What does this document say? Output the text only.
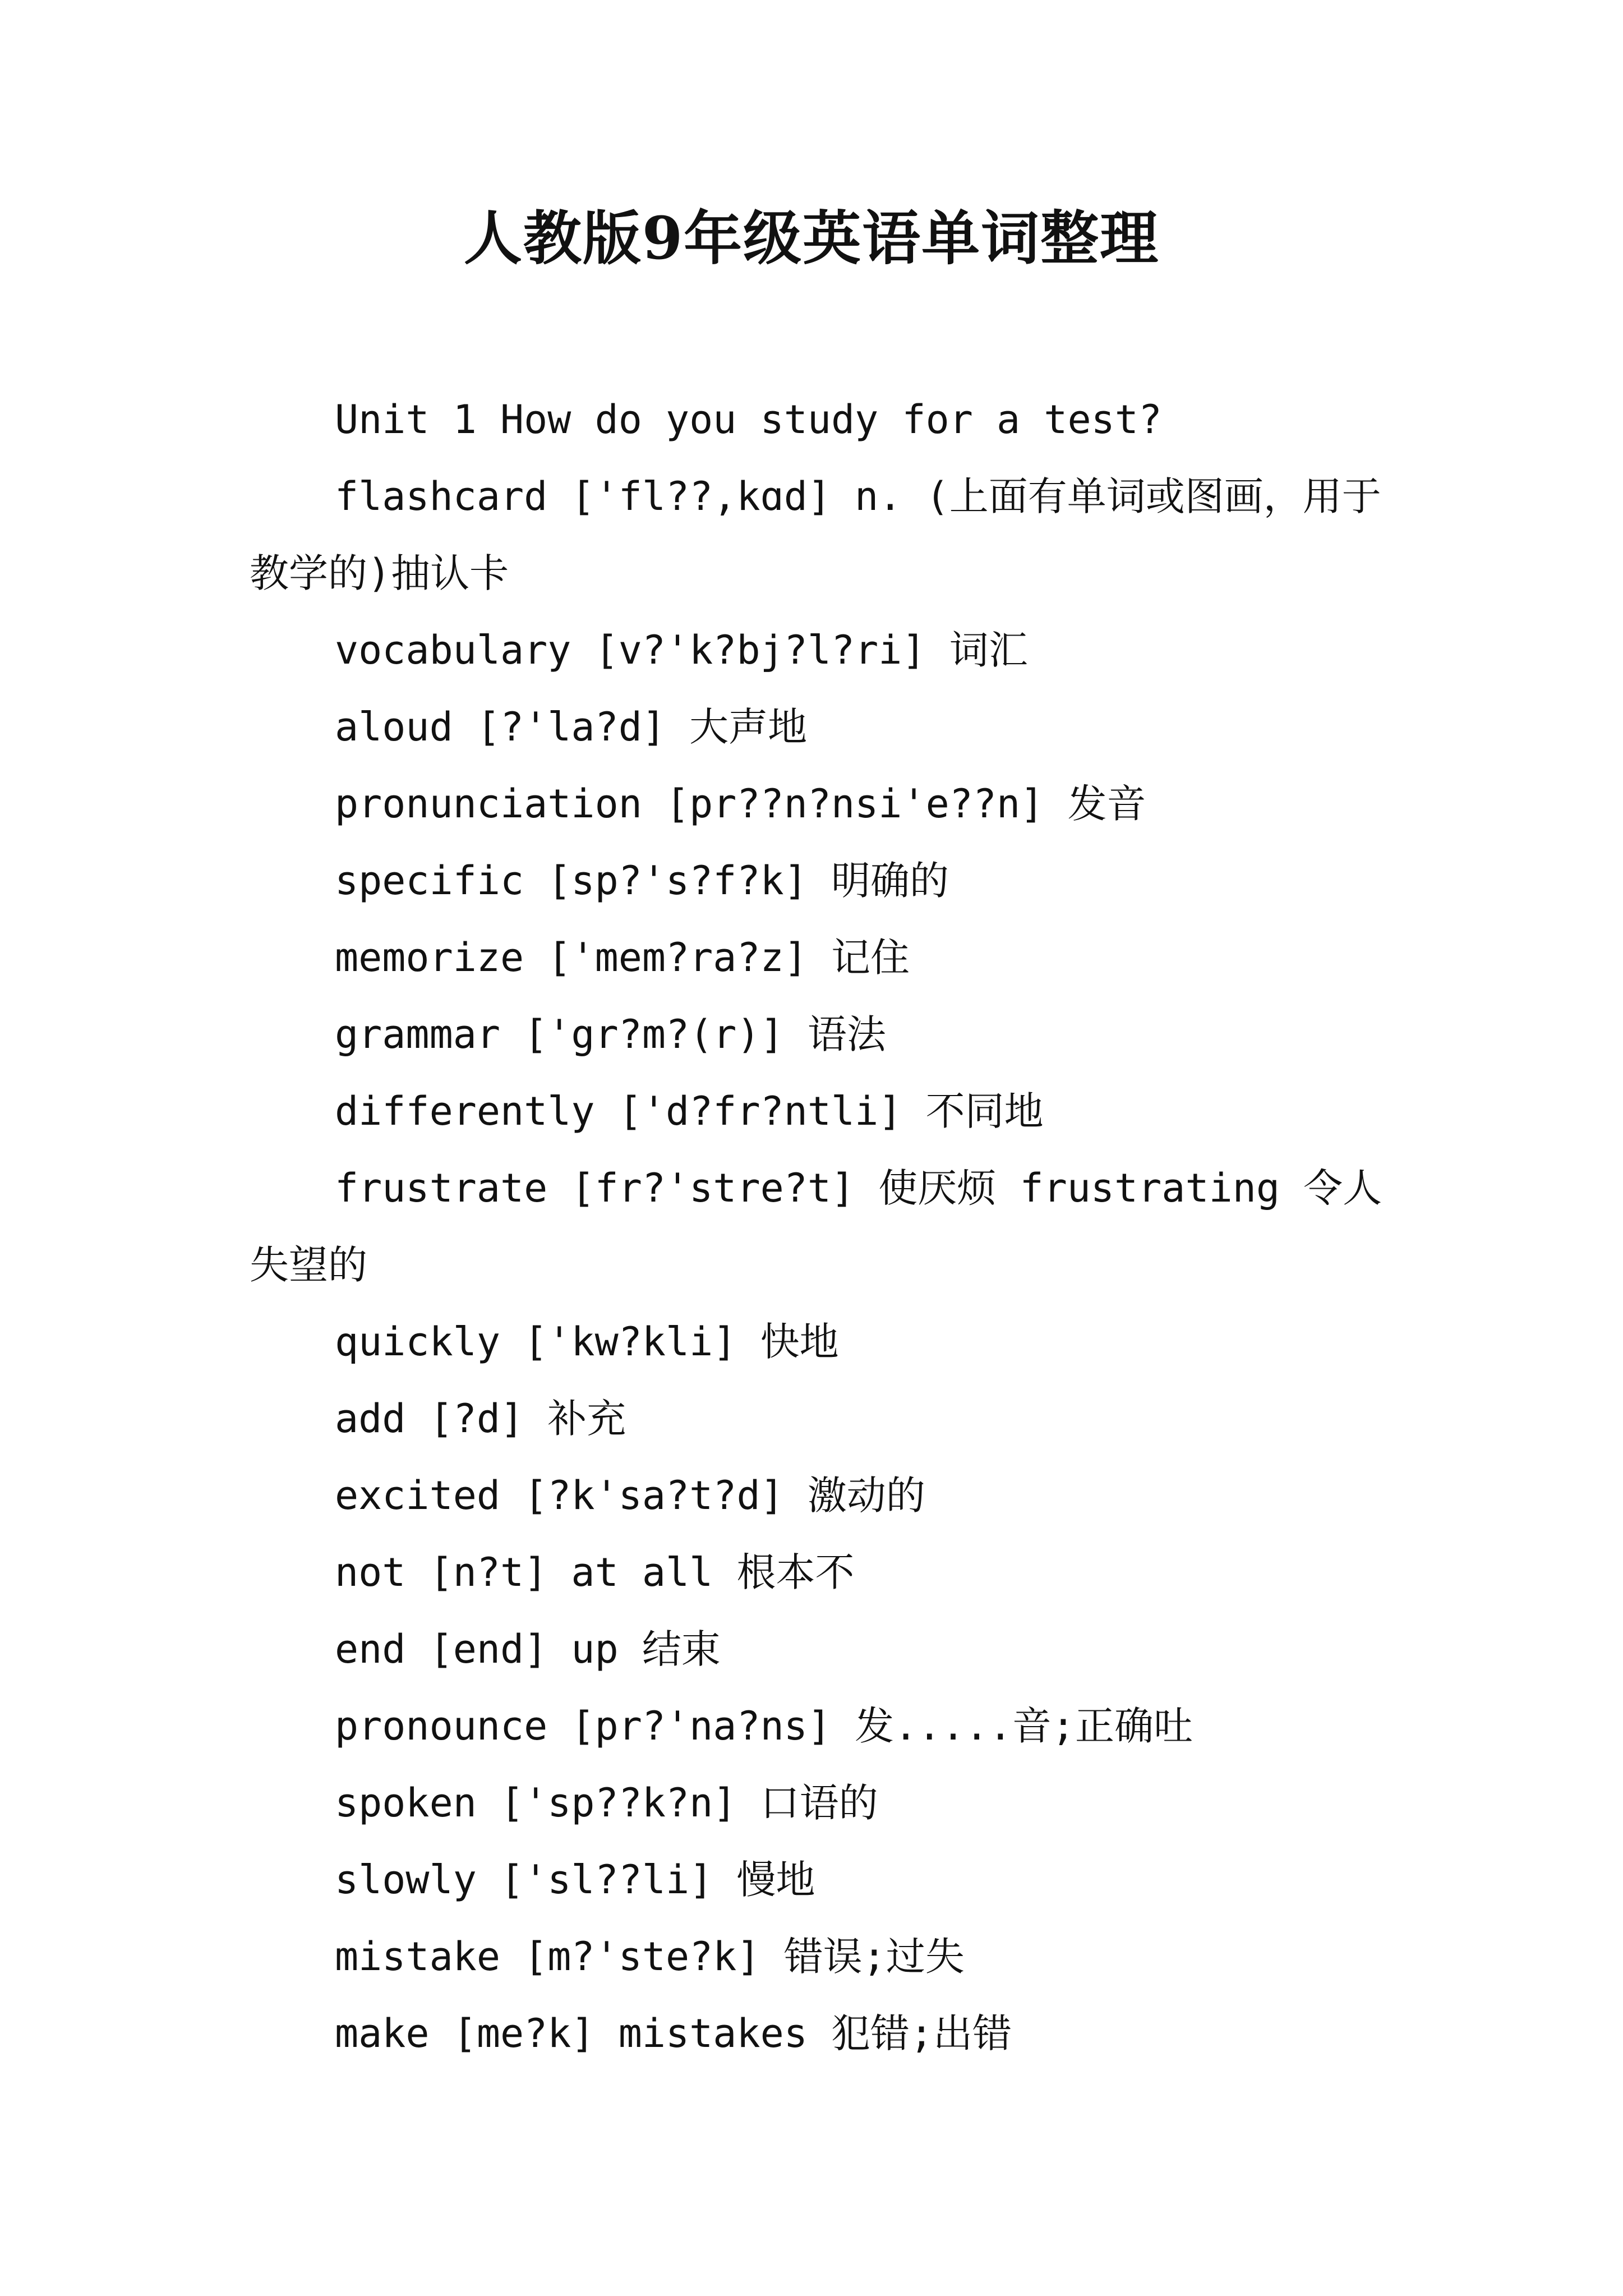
人教版9年级英语单词整理
Unit 1 How do you study for a test?
flashcard ['fl??,kɑd] n. (上面有单词或图画，用于教学的)抽认卡
vocabulary [v?'k?bj?l?ri] 词汇
aloud [?'la?d] 大声地
pronunciation [pr??n?nsi'e??n] 发音
specific [sp?'s?f?k] 明确的
memorize ['mem?ra?z] 记住
grammar ['gr?m?(r)] 语法
differently ['d?fr?ntli] 不同地
frustrate [fr?'stre?t] 使厌烦 frustrating 令人失望的
quickly ['kw?kli] 快地
add [?d] 补充
excited [?k'sa?t?d] 激动的
not [n?t] at all 根本不
end [end] up 结束
pronounce [pr?'na?ns] 发.....音;正确吐
spoken ['sp??k?n] 口语的
slowly ['sl??li] 慢地
mistake [m?'ste?k] 错误;过失
make [me?k] mistakes 犯错;出错
